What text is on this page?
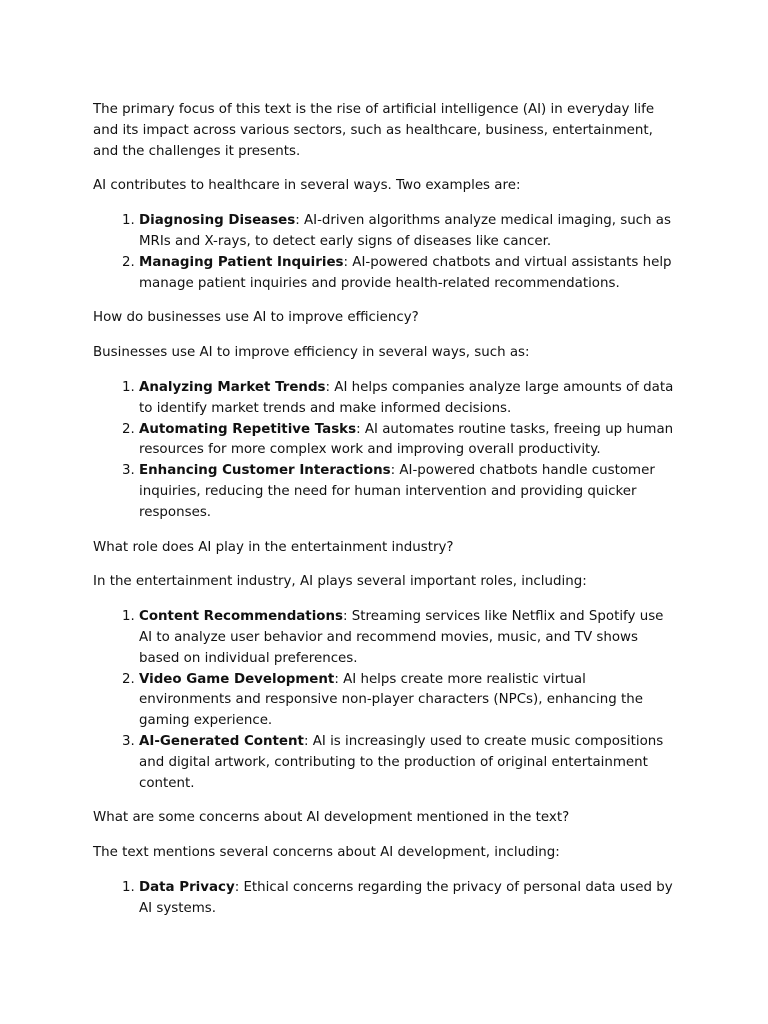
The primary focus of this text is the rise of artificial intelligence (AI) in everyday life and its impact across various sectors, such as healthcare, business, entertainment, and the challenges it presents.

AI contributes to healthcare in several ways. Two examples are:

1. Diagnosing Diseases: AI-driven algorithms analyze medical imaging, such as MRIs and X-rays, to detect early signs of diseases like cancer.
2. Managing Patient Inquiries: AI-powered chatbots and virtual assistants help manage patient inquiries and provide health-related recommendations.

How do businesses use AI to improve efficiency?

Businesses use AI to improve efficiency in several ways, such as:

1. Analyzing Market Trends: AI helps companies analyze large amounts of data to identify market trends and make informed decisions.
2. Automating Repetitive Tasks: AI automates routine tasks, freeing up human resources for more complex work and improving overall productivity.
3. Enhancing Customer Interactions: AI-powered chatbots handle customer inquiries, reducing the need for human intervention and providing quicker responses.

What role does AI play in the entertainment industry?

In the entertainment industry, AI plays several important roles, including:

1. Content Recommendations: Streaming services like Netflix and Spotify use AI to analyze user behavior and recommend movies, music, and TV shows based on individual preferences.
2. Video Game Development: AI helps create more realistic virtual environments and responsive non-player characters (NPCs), enhancing the gaming experience.
3. AI-Generated Content: AI is increasingly used to create music compositions and digital artwork, contributing to the production of original entertainment content.

What are some concerns about AI development mentioned in the text?

The text mentions several concerns about AI development, including:

1. Data Privacy: Ethical concerns regarding the privacy of personal data used by AI systems.
